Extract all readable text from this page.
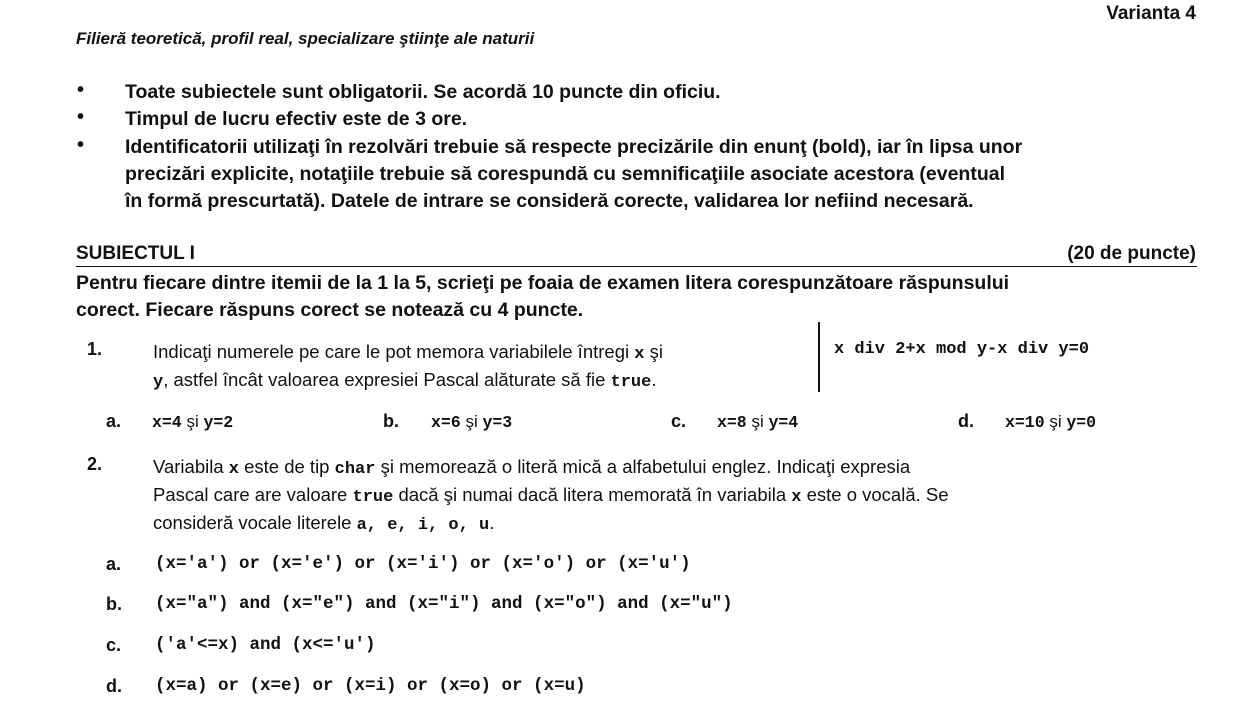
Varianta 4
Filieră teoretică, profil real, specializare ştiinţe ale naturii
• Toate subiectele sunt obligatorii. Se acordă 10 puncte din oficiu.
• Timpul de lucru efectiv este de 3 ore.
• Identificatorii utilizaţi în rezolvări trebuie să respecte precizările din enunţ (bold), iar în lipsa unor
precizări explicite, notaţiile trebuie să corespundă cu semnificaţiile asociate acestora (eventual
în formă prescurtată). Datele de intrare se consideră corecte, validarea lor nefiind necesară.
SUBIECTUL I	(20 de puncte)
Pentru fiecare dintre itemii de la 1 la 5, scrieţi pe foaia de examen litera corespunzătoare răspunsului
corect. Fiecare răspuns corect se notează cu 4 puncte.
1.	Indicaţi numerele pe care le pot memora variabilele întregi x şi
y, astfel încât valoarea expresiei Pascal alăturate să fie true.
x div 2+x mod y-x div y=0
a. x=4 şi y=2	b. x=6 şi y=3	c. x=8 şi y=4	d. x=10 şi y=0
2.	Variabila x este de tip char şi memorează o literă mică a alfabetului englez. Indicaţi expresia
Pascal care are valoare true dacă şi numai dacă litera memorată în variabila x este o vocală. Se
consideră vocale literele a, e, i, o, u.
a. (x='a') or (x='e') or (x='i') or (x='o') or (x='u')
b. (x="a") and (x="e") and (x="i") and (x="o") and (x="u")
c. ('a'<=x) and (x<='u')
d. (x=a) or (x=e) or (x=i) or (x=o) or (x=u)
